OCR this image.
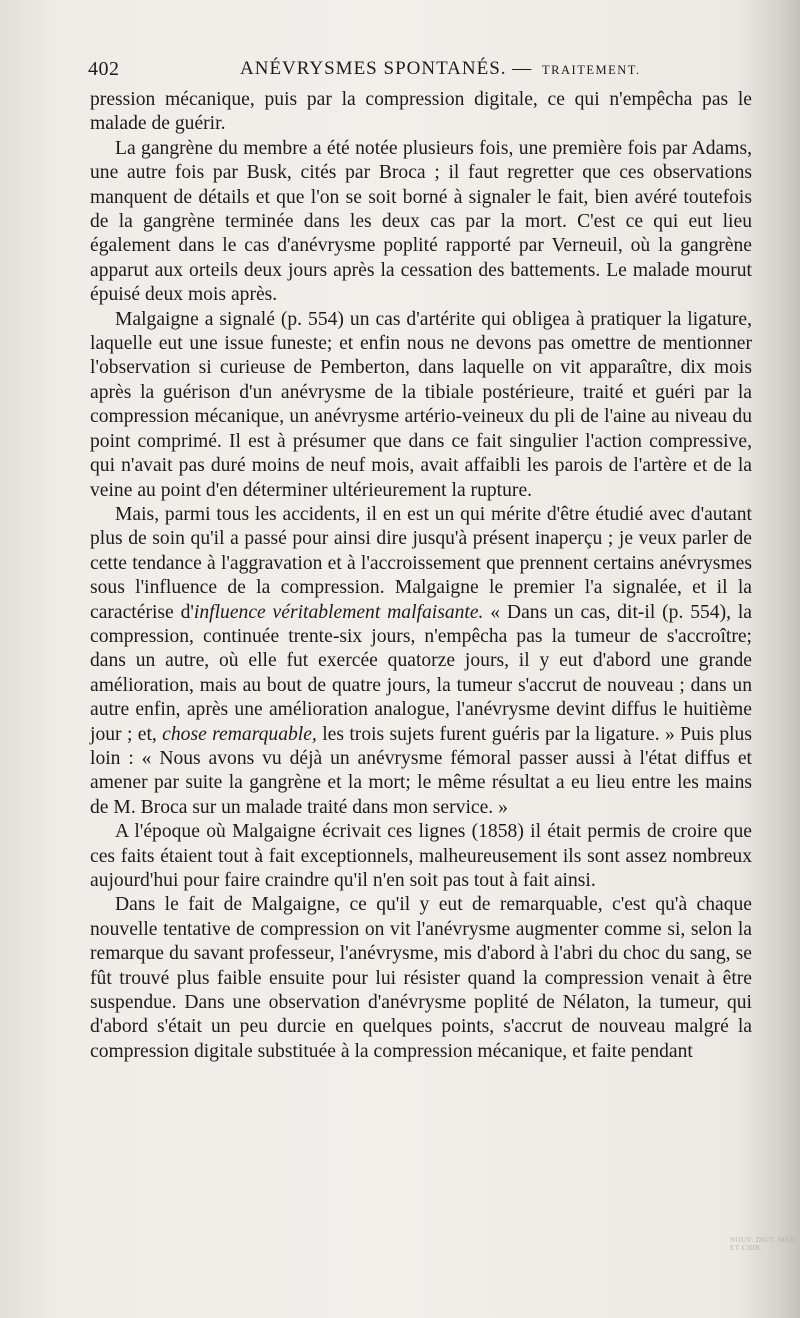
402	ANÉVRYSMES SPONTANÉS. — TRAITEMENT.

pression mécanique, puis par la compression digitale, ce qui n'empêcha pas le malade de guérir.

La gangrène du membre a été notée plusieurs fois, une première fois par Adams, une autre fois par Busk, cités par Broca ; il faut regretter que ces observations manquent de détails et que l'on se soit borné à signaler le fait, bien avéré toutefois de la gangrène terminée dans les deux cas par la mort. C'est ce qui eut lieu également dans le cas d'anévrysme poplité rapporté par Verneuil, où la gangrène apparut aux orteils deux jours après la cessation des battements. Le malade mourut épuisé deux mois après.

Malgaigne a signalé (p. 554) un cas d'artérite qui obligea à pratiquer la ligature, laquelle eut une issue funeste; et enfin nous ne devons pas omettre de mentionner l'observation si curieuse de Pemberton, dans laquelle on vit apparaître, dix mois après la guérison d'un anévrysme de la tibiale postérieure, traité et guéri par la compression mécanique, un anévrysme artério-veineux du pli de l'aine au niveau du point comprimé. Il est à présumer que dans ce fait singulier l'action compressive, qui n'avait pas duré moins de neuf mois, avait affaibli les parois de l'artère et de la veine au point d'en déterminer ultérieurement la rupture.

Mais, parmi tous les accidents, il en est un qui mérite d'être étudié avec d'autant plus de soin qu'il a passé pour ainsi dire jusqu'à présent inaperçu ; je veux parler de cette tendance à l'aggravation et à l'accroissement que prennent certains anévrysmes sous l'influence de la compression. Malgaigne le premier l'a signalée, et il la caractérise d'influence véritablement malfaisante. « Dans un cas, dit-il (p. 554), la compression, continuée trente-six jours, n'empêcha pas la tumeur de s'accroître; dans un autre, où elle fut exercée quatorze jours, il y eut d'abord une grande amélioration, mais au bout de quatre jours, la tumeur s'accrut de nouveau ; dans un autre enfin, après une amélioration analogue, l'anévrysme devint diffus le huitième jour ; et, chose remarquable, les trois sujets furent guéris par la ligature. » Puis plus loin : « Nous avons vu déjà un anévrysme fémoral passer aussi à l'état diffus et amener par suite la gangrène et la mort; le même résultat a eu lieu entre les mains de M. Broca sur un malade traité dans mon service. »

A l'époque où Malgaigne écrivait ces lignes (1858) il était permis de croire que ces faits étaient tout à fait exceptionnels, malheureusement ils sont assez nombreux aujourd'hui pour faire craindre qu'il n'en soit pas tout à fait ainsi.

Dans le fait de Malgaigne, ce qu'il y eut de remarquable, c'est qu'à chaque nouvelle tentative de compression on vit l'anévrysme augmenter comme si, selon la remarque du savant professeur, l'anévrysme, mis d'abord à l'abri du choc du sang, se fût trouvé plus faible ensuite pour lui résister quand la compression venait à être suspendue. Dans une observation d'anévrysme poplité de Nélaton, la tumeur, qui d'abord s'était un peu durcie en quelques points, s'accrut de nouveau malgré la compression digitale substituée à la compression mécanique, et faite pendant

NOUV. DICT. MÉD. ET CHIR.
